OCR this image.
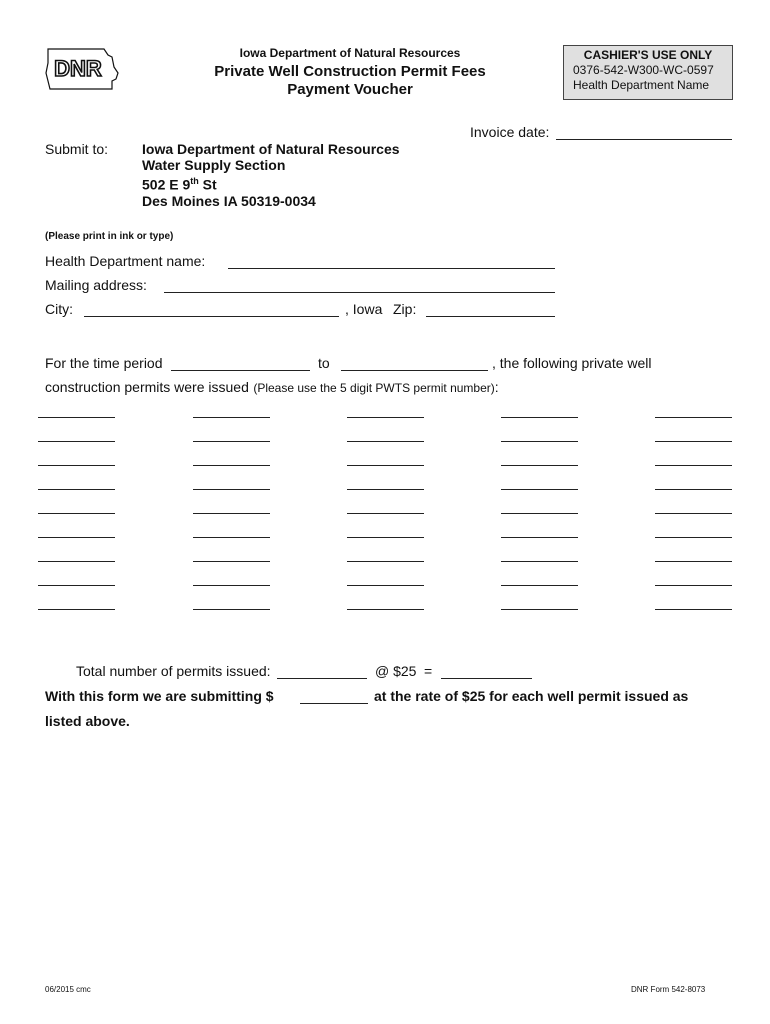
DNR
Iowa Department of Natural Resources
Private Well Construction Permit Fees
Payment Voucher
CASHIER'S USE ONLY
0376-542-W300-WC-0597
Health Department Name
Invoice date:
Submit to: Iowa Department of Natural Resources
Water Supply Section
502 E 9th St
Des Moines IA 50319-0034
(Please print in ink or type)
Health Department name:
Mailing address:
City:	, Iowa Zip:
For the time period	to	, the following private well
construction permits were issued (Please use the 5 digit PWTS permit number):
Total number of permits issued:	@ $25 =
With this form we are submitting $	at the rate of $25 for each well permit issued as
listed above.
06/2015 cmc	DNR Form 542-8073
